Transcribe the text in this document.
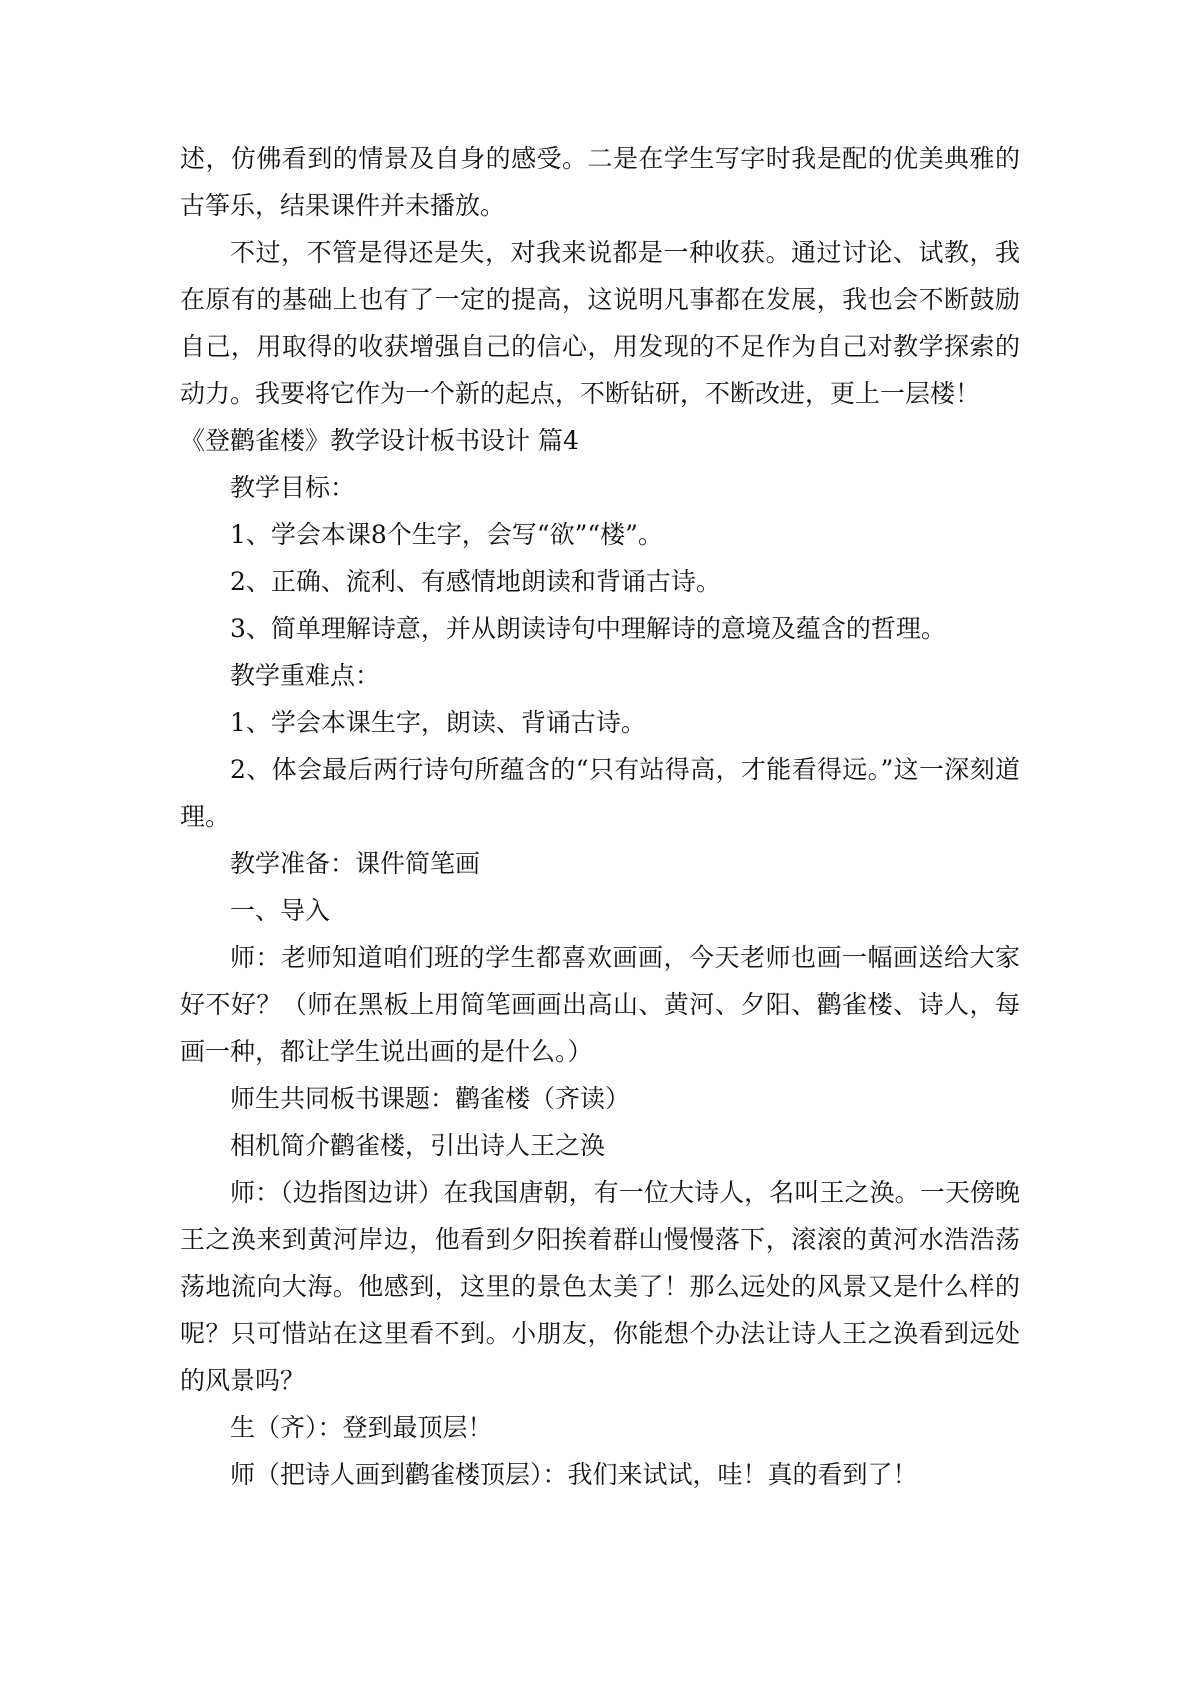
述，仿佛看到的情景及自身的感受。二是在学生写字时我是配的优美典雅的古筝乐，结果课件并未播放。

不过，不管是得还是失，对我来说都是一种收获。通过讨论、试教，我在原有的基础上也有了一定的提高，这说明凡事都在发展，我也会不断鼓励自己，用取得的收获增强自己的信心，用发现的不足作为自己对教学探索的动力。我要将它作为一个新的起点，不断钻研，不断改进，更上一层楼！

《登鹳雀楼》教学设计板书设计 篇4

教学目标：

1、学会本课8个生字，会写“欲”“楼”。

2、正确、流利、有感情地朗读和背诵古诗。

3、简单理解诗意，并从朗读诗句中理解诗的意境及蕴含的哲理。

教学重难点：

1、学会本课生字，朗读、背诵古诗。

2、体会最后两行诗句所蕴含的“只有站得高，才能看得远。”这一深刻道理。

教学准备：课件简笔画

一、导入

师：老师知道咱们班的学生都喜欢画画，今天老师也画一幅画送给大家好不好？（师在黑板上用简笔画画出高山、黄河、夕阳、鹳雀楼、诗人，每画一种，都让学生说出画的是什么。）

师生共同板书课题：鹳雀楼（齐读）

相机简介鹳雀楼，引出诗人王之涣

师：（边指图边讲）在我国唐朝，有一位大诗人，名叫王之涣。一天傍晚王之涣来到黄河岸边，他看到夕阳挨着群山慢慢落下，滚滚的黄河水浩浩荡荡地流向大海。他感到，这里的景色太美了！那么远处的风景又是什么样的呢？只可惜站在这里看不到。小朋友，你能想个办法让诗人王之涣看到远处的风景吗？

生（齐）：登到最顶层！

师（把诗人画到鹳雀楼顶层）：我们来试试，哇！真的看到了！
